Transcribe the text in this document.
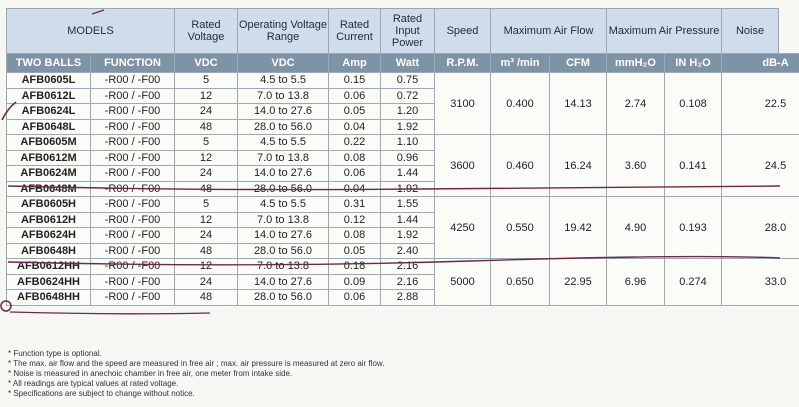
MODELS		Rated Voltage	Operating Voltage Range	Rated Current	Rated Input Power	Speed	Maximum Air Flow		Maximum Air Pressure		Noise
TWO BALLS	FUNCTION	VDC	VDC	Amp	Watt	R.P.M.	m³ /min	CFM	mmH₂O	IN H₂O	dB-A
AFB0605L	-R00 / -F00	5	4.5 to 5.5	0.15	0.75	3100	0.400	14.13	2.74	0.108	22.5
AFB0612L	-R00 / -F00	12	7.0 to 13.8	0.06	0.72						
AFB0624L	-R00 / -F00	24	14.0 to 27.6	0.05	1.20						
AFB0648L	-R00 / -F00	48	28.0 to 56.0	0.04	1.92						
AFB0605M	-R00 / -F00	5	4.5 to 5.5	0.22	1.10	3600	0.460	16.24	3.60	0.141	24.5
AFB0612M	-R00 / -F00	12	7.0 to 13.8	0.08	0.96						
AFB0624M	-R00 / -F00	24	14.0 to 27.6	0.06	1.44						
AFB0648M	-R00 / -F00	48	28.0 to 56.0	0.04	1.92						
AFB0605H	-R00 / -F00	5	4.5 to 5.5	0.31	1.55	4250	0.550	19.42	4.90	0.193	28.0
AFB0612H	-R00 / -F00	12	7.0 to 13.8	0.12	1.44						
AFB0624H	-R00 / -F00	24	14.0 to 27.6	0.08	1.92						
AFB0648H	-R00 / -F00	48	28.0 to 56.0	0.05	2.40						
AFB0612HH	-R00 / -F00	12	7.0 to 13.8	0.18	2.16	5000	0.650	22.95	6.96	0.274	33.0
AFB0624HH	-R00 / -F00	24	14.0 to 27.6	0.09	2.16						
AFB0648HH	-R00 / -F00	48	28.0 to 56.0	0.06	2.88						
* Function type is optional.
* The max. air flow and the speed are measured in free air ; max. air pressure is measured at zero air flow.
* Noise is measured in anechoic chamber in free air, one meter from intake side.
* All readings are typical values at rated voltage.
* Specifications are subject to change without notice.
